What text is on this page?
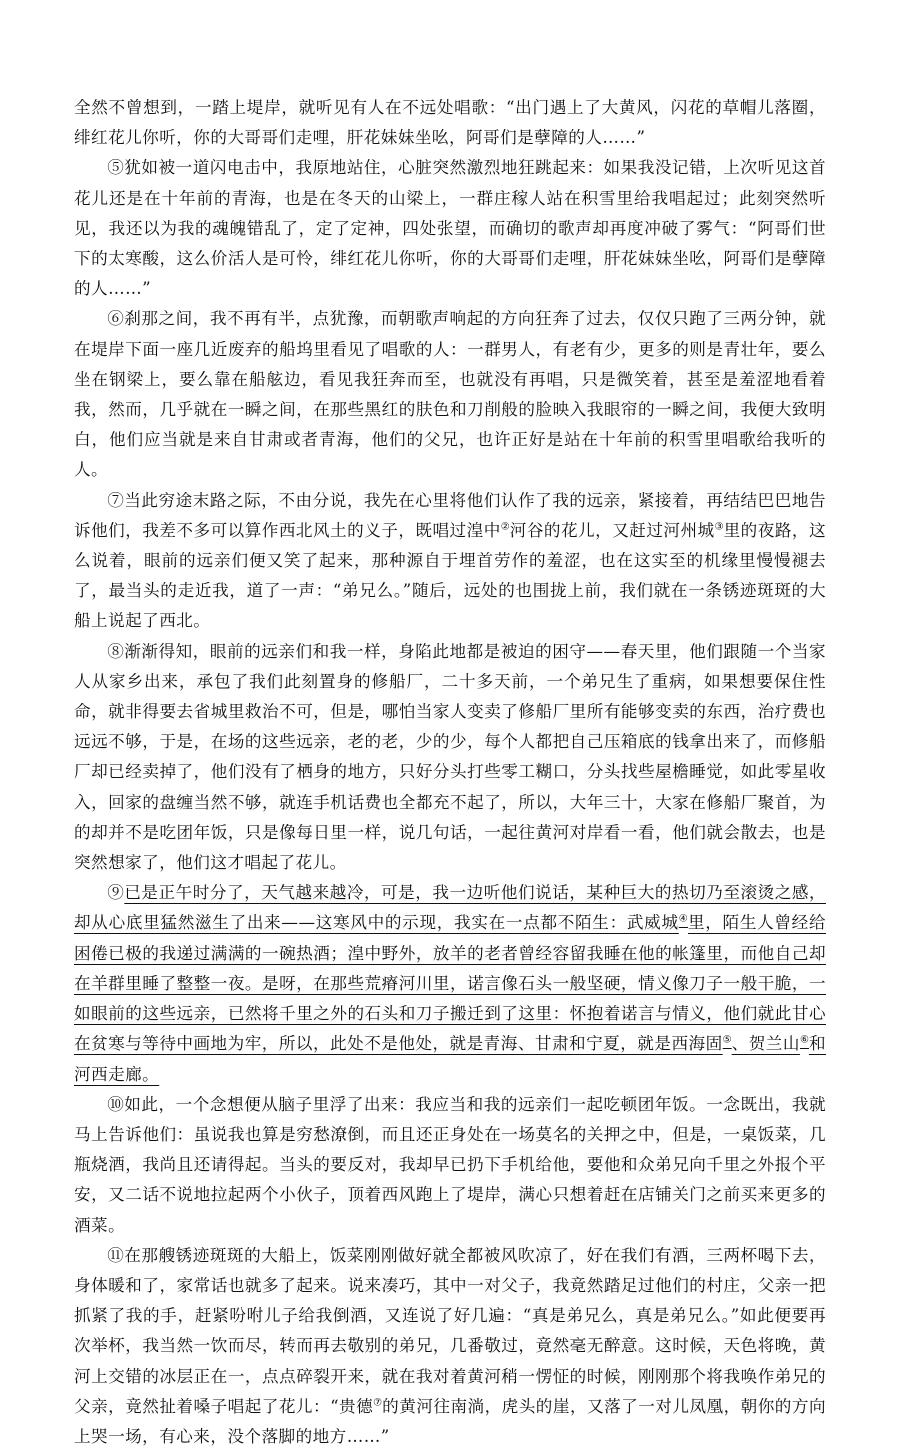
全然不曾想到，一踏上堤岸，就听见有人在不远处唱歌：“出门遇上了大黄风，闪花的草帽儿落圈，绯红花儿你听，你的大哥哥们走哩，肝花妹妹坐吆，阿哥们是孽障的人……”

⑤犹如被一道闪电击中，我原地站住，心脏突然激烈地狂跳起来：如果我没记错，上次听见这首花儿还是在十年前的青海，也是在冬天的山梁上，一群庄稼人站在积雪里给我唱起过；此刻突然听见，我还以为我的魂魄错乱了，定了定神，四处张望，而确切的歌声却再度冲破了雾气：“阿哥们世下的太寒酸，这么价活人是可怜，绯红花儿你听，你的大哥哥们走哩，肝花妹妹坐吆，阿哥们是孽障的人……”

⑥刹那之间，我不再有半，点犹豫，而朝歌声响起的方向狂奔了过去，仅仅只跑了三两分钟，就在堤岸下面一座几近废弃的船坞里看见了唱歌的人：一群男人，有老有少，更多的则是青壮年，要么坐在钢梁上，要么靠在船舷边，看见我狂奔而至，也就没有再唱，只是微笑着，甚至是羞涩地看着我，然而，几乎就在一瞬之间，在那些黑红的肤色和刀削般的脸映入我眼帘的一瞬之间，我便大致明白，他们应当就是来自甘肃或者青海，他们的父兄，也许正好是站在十年前的积雪里唱歌给我听的人。

⑦当此穷途末路之际，不由分说，我先在心里将他们认作了我的远亲，紧接着，再结结巴巴地告诉他们，我差不多可以算作西北风土的义子，既唱过湟中②河谷的花儿，又赶过河州城③里的夜路，这么说着，眼前的远亲们便又笑了起来，那种源自于埋首劳作的羞涩，也在这实至的机缘里慢慢褪去了，最当头的走近我，道了一声：“弟兄么。”随后，远处的也围拢上前，我们就在一条锈迹斑斑的大船上说起了西北。

⑧渐渐得知，眼前的远亲们和我一样，身陷此地都是被迫的困守——春天里，他们跟随一个当家人从家乡出来，承包了我们此刻置身的修船厂，二十多天前，一个弟兄生了重病，如果想要保住性命，就非得要去省城里救治不可，但是，哪怕当家人变卖了修船厂里所有能够变卖的东西，治疗费也远远不够，于是，在场的这些远亲，老的老，少的少，每个人都把自己压箱底的钱拿出来了，而修船厂却已经卖掉了，他们没有了栖身的地方，只好分头打些零工糊口，分头找些屋檐睡觉，如此零星收入，回家的盘缠当然不够，就连手机话费也全都充不起了，所以，大年三十，大家在修船厂聚首，为的却并不是吃团年饭，只是像每日里一样，说几句话，一起往黄河对岸看一看，他们就会散去，也是突然想家了，他们这才唱起了花儿。

⑨已是正午时分了，天气越来越冷，可是，我一边听他们说话，某种巨大的热切乃至滚烫之感，却从心底里猛然滋生了出来——这寒风中的示现，我实在一点都不陌生：武威城④里，陌生人曾经给困倦已极的我递过满满的一碗热酒；湟中野外，放羊的老者曾经容留我睡在他的帐篷里，而他自己却在羊群里睡了整整一夜。是呀，在那些荒瘠河川里，诺言像石头一般坚硬，情义像刀子一般干脆，一如眼前的这些远亲，已然将千里之外的石头和刀子搬迁到了这里：怀抱着诺言与情义，他们就此甘心在贫寒与等待中画地为牢，所以，此处不是他处，就是青海、甘肃和宁夏，就是西海固⑤、贺兰山⑥和河西走廊。

⑩如此，一个念想便从脑子里浮了出来：我应当和我的远亲们一起吃顿团年饭。一念既出，我就马上告诉他们：虽说我也算是穷愁潦倒，而且还正身处在一场莫名的关押之中，但是，一桌饭菜，几瓶烧酒，我尚且还请得起。当头的要反对，我却早已扔下手机给他，要他和众弟兄向千里之外报个平安，又二话不说地拉起两个小伙子，顶着西风跑上了堤岸，满心只想着赶在店铺关门之前买来更多的酒菜。

⑪在那艘锈迹斑斑的大船上，饭菜刚刚做好就全都被风吹凉了，好在我们有酒，三两杯喝下去，身体暖和了，家常话也就多了起来。说来凑巧，其中一对父子，我竟然踏足过他们的村庄，父亲一把抓紧了我的手，赶紧吩咐儿子给我倒酒，又连说了好几遍：“真是弟兄么，真是弟兄么。”如此便要再次举杯，我当然一饮而尽，转而再去敬别的弟兄，几番敬过，竟然毫无醉意。这时候，天色将晚，黄河上交错的冰层正在一，点点碎裂开来，就在我对着黄河稍一愣怔的时候，刚刚那个将我唤作弟兄的父亲，竟然扯着嗓子唱起了花儿：“贵德⑦的黄河往南淌，虎头的崖，又落了一对儿凤凰，朝你的方向上哭一场，有心来，没个落脚的地方……”
